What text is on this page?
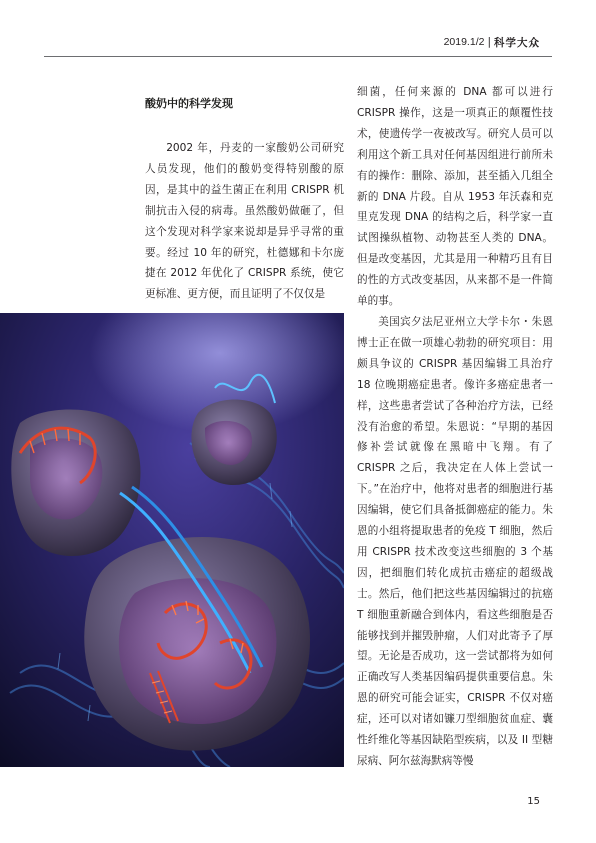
2019.1/2 | 科学大众
酸奶中的科学发现

2002 年，丹麦的一家酸奶公司研究人员发现，他们的酸奶变得特别酸的原因，是其中的益生菌正在利用 CRISPR 机制抗击入侵的病毒。虽然酸奶做砸了，但这个发现对科学家来说却是异乎寻常的重要。经过 10 年的研究，杜德娜和卡尔庞捷在 2012 年优化了 CRISPR 系统，使它更标准、更方便，而且证明了不仅仅是

细菌，任何来源的 DNA 都可以进行 CRISPR 操作，这是一项真正的颠覆性技术，使遗传学一夜被改写。研究人员可以利用这个新工具对任何基因组进行前所未有的操作：删除、添加，甚至插入几组全新的 DNA 片段。自从 1953 年沃森和克里克发现 DNA 的结构之后，科学家一直试图操纵植物、动物甚至人类的 DNA。但是改变基因，尤其是用一种精巧且有目的性的方式改变基因，从来都不是一件简单的事。

美国宾夕法尼亚州立大学卡尔・朱恩博士正在做一项雄心勃勃的研究项目：用颇具争议的 CRISPR 基因编辑工具治疗 18 位晚期癌症患者。像许多癌症患者一样，这些患者尝试了各种治疗方法，已经没有治愈的希望。朱恩说：“早期的基因修补尝试就像在黑暗中飞翔。有了 CRISPR 之后，我决定在人体上尝试一下。”在治疗中，他将对患者的细胞进行基因编辑，使它们具备抵御癌症的能力。朱恩的小组将提取患者的免疫 T 细胞，然后用 CRISPR 技术改变这些细胞的 3 个基因，把细胞们转化成抗击癌症的超级战士。然后，他们把这些基因编辑过的抗癌 T 细胞重新融合到体内，看这些细胞是否能够找到并摧毁肿瘤，人们对此寄予了厚望。无论是否成功，这一尝试都将为如何正确改写人类基因编码提供重要信息。朱恩的研究可能会证实，CRISPR 不仅对癌症，还可以对诸如镰刀型细胞贫血症、囊性纤维化等基因缺陷型疾病，以及 II 型糖尿病、阿尔兹海默病等慢

15
